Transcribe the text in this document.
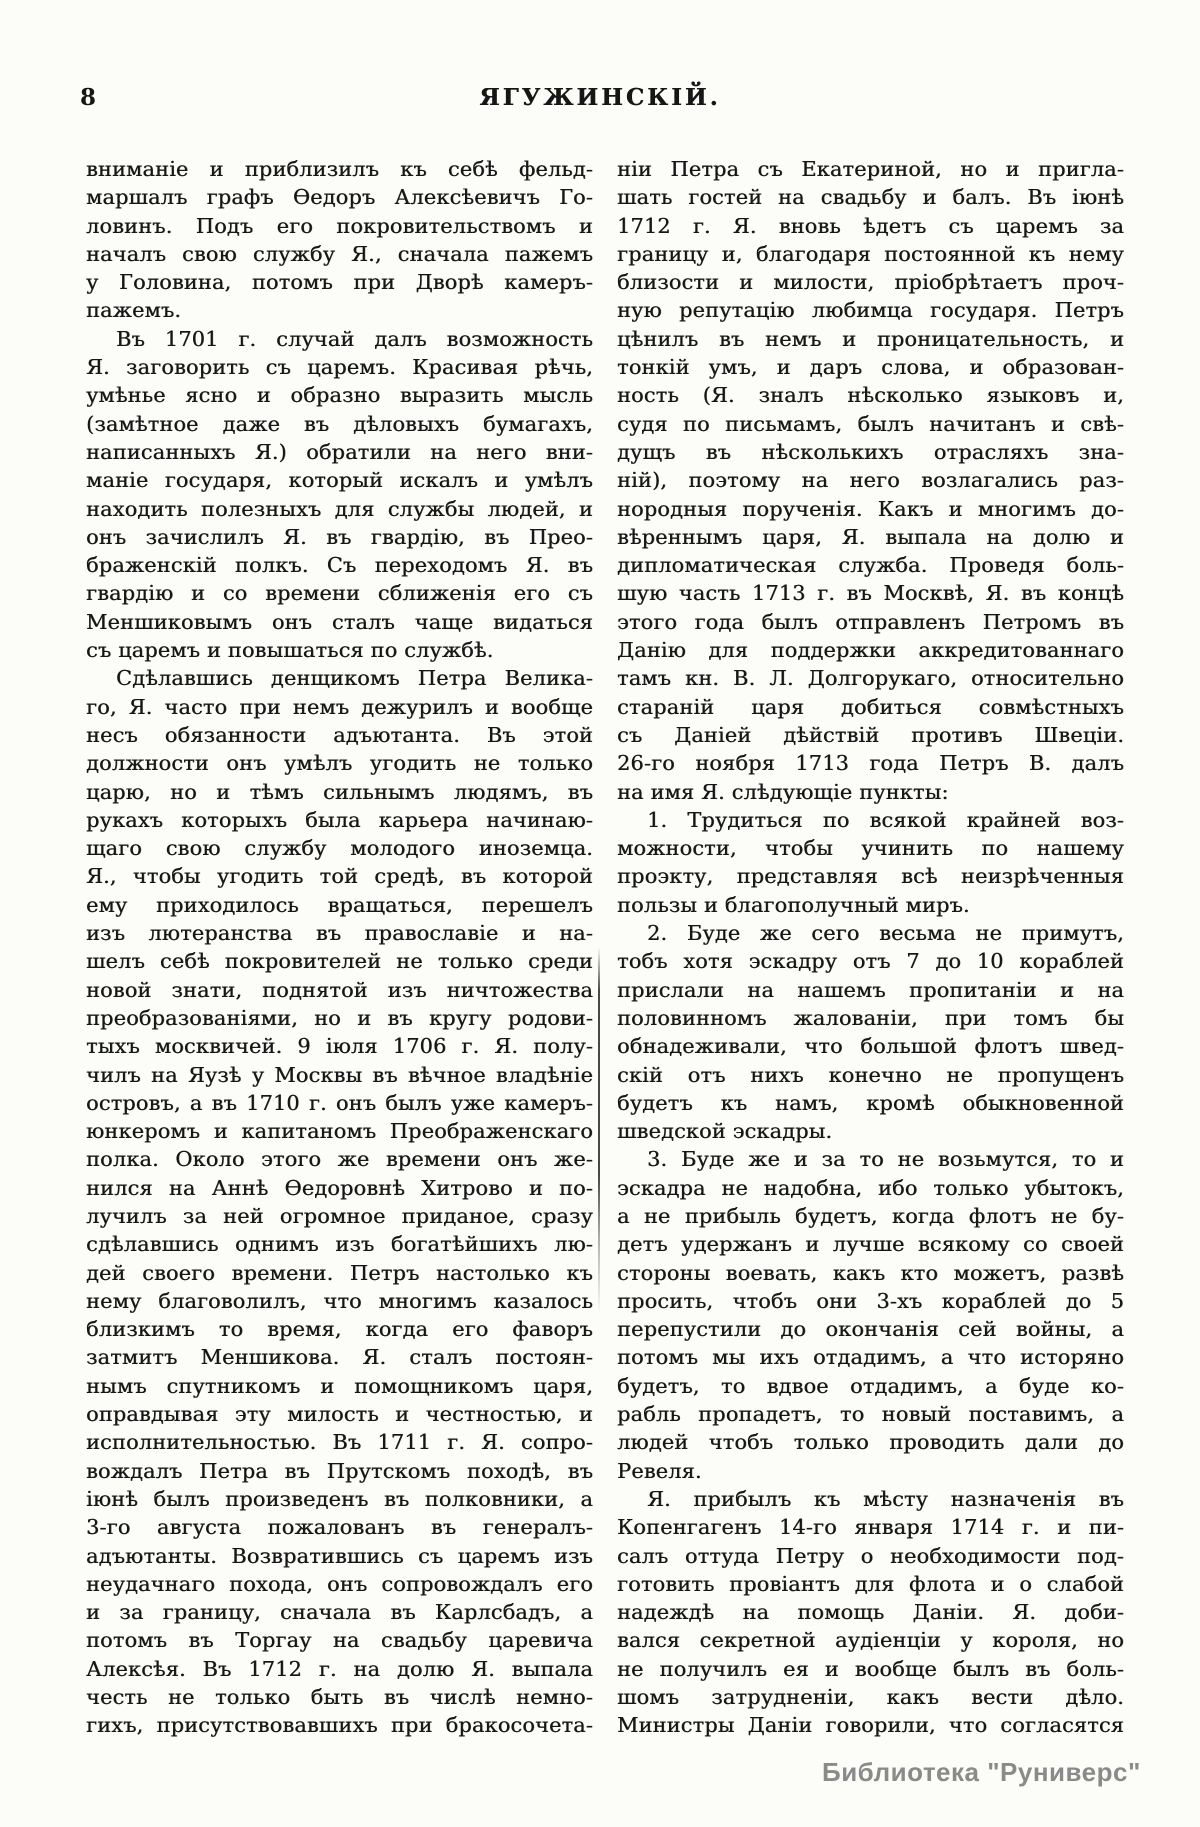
8	ЯГУЖИНСКІЙ.
вниманіе и приблизилъ къ себѣ фельд-
маршалъ графъ Ѳедоръ Алексѣевичъ Го-
ловинъ. Подъ его покровительствомъ и
началъ свою службу Я., сначала пажемъ
у Головина, потомъ при Дворѣ камеръ-
пажемъ.
Въ 1701 г. случай далъ возможность
Я. заговорить съ царемъ. Красивая рѣчь,
умѣнье ясно и образно выразить мысль
(замѣтное даже въ дѣловыхъ бумагахъ,
написанныхъ Я.) обратили на него вни-
маніе государя, который искалъ и умѣлъ
находить полезныхъ для службы людей, и
онъ зачислилъ Я. въ гвардію, въ Прео-
браженскій полкъ. Съ переходомъ Я. въ
гвардію и со времени сближенія его съ
Меншиковымъ онъ сталъ чаще видаться
съ царемъ и повышаться по службѣ.
Сдѣлавшись денщикомъ Петра Велика-
го, Я. часто при немъ дежурилъ и вообще
несъ обязанности адъютанта. Въ этой
должности онъ умѣлъ угодить не только
царю, но и тѣмъ сильнымъ людямъ, въ
рукахъ которыхъ была карьера начинаю-
щаго свою службу молодого иноземца.
Я., чтобы угодить той средѣ, въ которой
ему приходилось вращаться, перешелъ
изъ лютеранства въ православіе и на-
шелъ себѣ покровителей не только среди
новой знати, поднятой изъ ничтожества
преобразованіями, но и въ кругу родови-
тыхъ москвичей. 9 іюля 1706 г. Я. полу-
чилъ на Яузѣ у Москвы въ вѣчное владѣніе
островъ, а въ 1710 г. онъ былъ уже камеръ-
юнкеромъ и капитаномъ Преображенскаго
полка. Около этого же времени онъ же-
нился на Аннѣ Ѳедоровнѣ Хитрово и по-
лучилъ за ней огромное приданое, сразу
сдѣлавшись однимъ изъ богатѣйшихъ лю-
дей своего времени. Петръ настолько къ
нему благоволилъ, что многимъ казалось
близкимъ то время, когда его фаворъ
затмитъ Меншикова. Я. сталъ постоян-
нымъ спутникомъ и помощникомъ царя,
оправдывая эту милость и честностью, и
исполнительностью. Въ 1711 г. Я. сопро-
вождалъ Петра въ Прутскомъ походѣ, въ
іюнѣ былъ произведенъ въ полковники, а
3-го августа пожалованъ въ генералъ-
адъютанты. Возвратившись съ царемъ изъ
неудачнаго похода, онъ сопровождалъ его
и за границу, сначала въ Карлсбадъ, а
потомъ въ Торгау на свадьбу царевича
Алексѣя. Въ 1712 г. на долю Я. выпала
честь не только быть въ числѣ немно-
гихъ, присутствовавшихъ при бракосочета-
ніи Петра съ Екатериной, но и пригла-
шать гостей на свадьбу и балъ. Въ іюнѣ
1712 г. Я. вновь ѣдетъ съ царемъ за
границу и, благодаря постоянной къ нему
близости и милости, пріобрѣтаетъ проч-
ную репутацію любимца государя. Петръ
цѣнилъ въ немъ и проницательность, и
тонкій умъ, и даръ слова, и образован-
ность (Я. зналъ нѣсколько языковъ и,
судя по письмамъ, былъ начитанъ и свѣ-
дущъ въ нѣсколькихъ отрасляхъ зна-
ній), поэтому на него возлагались раз-
нородныя порученія. Какъ и многимъ до-
вѣреннымъ царя, Я. выпала на долю и
дипломатическая служба. Проведя боль-
шую часть 1713 г. въ Москвѣ, Я. въ концѣ
этого года былъ отправленъ Петромъ въ
Данію для поддержки аккредитованнаго
тамъ кн. В. Л. Долгорукаго, относительно
стараній царя добиться совмѣстныхъ
съ Даніей дѣйствій противъ Швеціи.
26-го ноября 1713 года Петръ В. далъ
на имя Я. слѣдующіе пункты:
1. Трудиться по всякой крайней воз-
можности, чтобы учинить по нашему
проэкту, представляя всѣ неизрѣченныя
пользы и благополучный миръ.
2. Буде же сего весьма не примутъ,
тобъ хотя эскадру отъ 7 до 10 кораблей
прислали на нашемъ пропитаніи и на
половинномъ жалованіи, при томъ бы
обнадеживали, что большой флотъ швед-
скій отъ нихъ конечно не пропущенъ
будетъ къ намъ, кромѣ обыкновенной
шведской эскадры.
3. Буде же и за то не возьмутся, то и
эскадра не надобна, ибо только убытокъ,
а не прибыль будетъ, когда флотъ не бу-
детъ удержанъ и лучше всякому со своей
стороны воевать, какъ кто можетъ, развѣ
просить, чтобъ они 3-хъ кораблей до 5
перепустили до окончанія сей войны, а
потомъ мы ихъ отдадимъ, а что исторяно
будетъ, то вдвое отдадимъ, а буде ко-
рабль пропадетъ, то новый поставимъ, а
людей чтобъ только проводить дали до
Ревеля.
Я. прибылъ къ мѣсту назначенія въ
Копенгагенъ 14-го января 1714 г. и пи-
салъ оттуда Петру о необходимости под-
готовить провіантъ для флота и о слабой
надеждѣ на помощь Даніи. Я. доби-
вался секретной аудіенціи у короля, но
не получилъ ея и вообще былъ въ боль-
шомъ затрудненіи, какъ вести дѣло.
Министры Даніи говорили, что согласятся
Библиотека "Руниверс"
